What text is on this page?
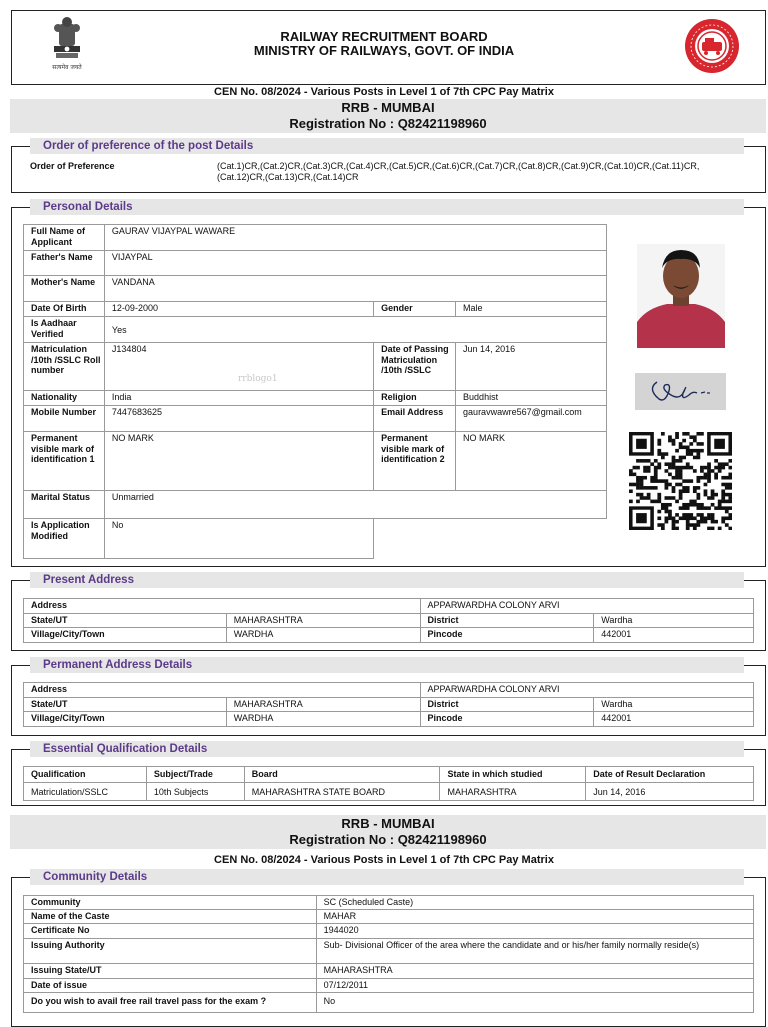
सत्यमेव जयते
RAILWAY RECRUITMENT BOARD
MINISTRY OF RAILWAYS, GOVT. OF INDIA
CEN No. 08/2024 - Various Posts in Level 1 of 7th CPC Pay Matrix
RRB - MUMBAI
Registration No : Q82421198960
Order of preference of the post Details
Order of Preference	(Cat.1)CR,(Cat.2)CR,(Cat.3)CR,(Cat.4)CR,(Cat.5)CR,(Cat.6)CR,(Cat.7)CR,(Cat.8)CR,(Cat.9)CR,(Cat.10)CR,(Cat.11)CR,(Cat.12)CR,(Cat.13)CR,(Cat.14)CR
Personal Details
Full Name of Applicant	GAURAV VIJAYPAL WAWARE		
Father's Name	VIJAYPAL		
Mother's Name	VANDANA		
Date Of Birth	12-09-2000	Gender	Male
Is Aadhaar Verified	Yes		
Matriculation /10th /SSLC Roll number	J134804	Date of Passing Matriculation /10th /SSLC	Jun 14, 2016
Nationality	India	Religion	Buddhist
Mobile Number	7447683625	Email Address	gauravwawre567@gmail.com
Permanent visible mark of identification 1	NO MARK	Permanent visible mark of identification 2	NO MARK
Marital Status	Unmarried		
Is Application Modified	No		
rrblogo1
Present Address
Address		APPARWARDHA COLONY ARVI	
State/UT	MAHARASHTRA	District	Wardha
Village/City/Town	WARDHA	Pincode	442001
Permanent Address Details
Address		APPARWARDHA COLONY ARVI	
State/UT	MAHARASHTRA	District	Wardha
Village/City/Town	WARDHA	Pincode	442001
Essential Qualification Details
Qualification	Subject/Trade	Board	State in which studied	Date of Result Declaration
Matriculation/SSLC	10th Subjects	MAHARASHTRA STATE BOARD	MAHARASHTRA	Jun 14, 2016
RRB - MUMBAI
Registration No : Q82421198960
CEN No. 08/2024 - Various Posts in Level 1 of 7th CPC Pay Matrix
Community Details
Community	SC (Scheduled Caste)
Name of the Caste	MAHAR
Certificate No	1944020
Issuing Authority	Sub- Divisional Officer of the area where the candidate and or his/her family normally reside(s)
Issuing State/UT	MAHARASHTRA
Date of issue	07/12/2011
Do you wish to avail free rail travel pass for the exam ?	No
